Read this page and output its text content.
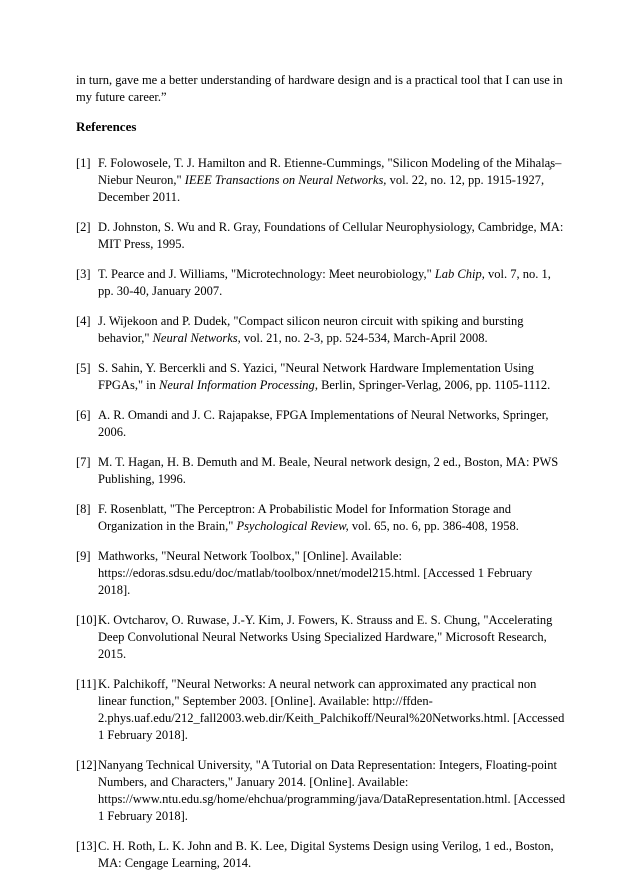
in turn, gave me a better understanding of hardware design and is a practical tool that I can use in my future career.”

References
[1] F. Folowosele, T. J. Hamilton and R. Etienne-Cummings, "Silicon Modeling of the Mihala̧s–Niebur Neuron," IEEE Transactions on Neural Networks, vol. 22, no. 12, pp. 1915-1927, December 2011.
[2] D. Johnston, S. Wu and R. Gray, Foundations of Cellular Neurophysiology, Cambridge, MA: MIT Press, 1995.
[3] T. Pearce and J. Williams, "Microtechnology: Meet neurobiology," Lab Chip, vol. 7, no. 1, pp. 30-40, January 2007.
[4] J. Wijekoon and P. Dudek, "Compact silicon neuron circuit with spiking and bursting behavior," Neural Networks, vol. 21, no. 2-3, pp. 524-534, March-April 2008.
[5] S. Sahin, Y. Bercerkli and S. Yazici, "Neural Network Hardware Implementation Using FPGAs," in Neural Information Processing, Berlin, Springer-Verlag, 2006, pp. 1105-1112.
[6] A. R. Omandi and J. C. Rajapakse, FPGA Implementations of Neural Networks, Springer, 2006.
[7] M. T. Hagan, H. B. Demuth and M. Beale, Neural network design, 2 ed., Boston, MA: PWS Publishing, 1996.
[8] F. Rosenblatt, "The Perceptron: A Probabilistic Model for Information Storage and Organization in the Brain," Psychological Review, vol. 65, no. 6, pp. 386-408, 1958.
[9] Mathworks, "Neural Network Toolbox," [Online]. Available: https://edoras.sdsu.edu/doc/matlab/toolbox/nnet/model215.html. [Accessed 1 February 2018].
[10] K. Ovtcharov, O. Ruwase, J.-Y. Kim, J. Fowers, K. Strauss and E. S. Chung, "Accelerating Deep Convolutional Neural Networks Using Specialized Hardware," Microsoft Research, 2015.
[11] K. Palchikoff, "Neural Networks: A neural network can approximated any practical non linear function," September 2003. [Online]. Available: http://ffden-2.phys.uaf.edu/212_fall2003.web.dir/Keith_Palchikoff/Neural%20Networks.html. [Accessed 1 February 2018].
[12] Nanyang Technical University, "A Tutorial on Data Representation: Integers, Floating-point Numbers, and Characters," January 2014. [Online]. Available: https://www.ntu.edu.sg/home/ehchua/programming/java/DataRepresentation.html. [Accessed 1 February 2018].
[13] C. H. Roth, L. K. John and B. K. Lee, Digital Systems Design using Verilog, 1 ed., Boston, MA: Cengage Learning, 2014.
